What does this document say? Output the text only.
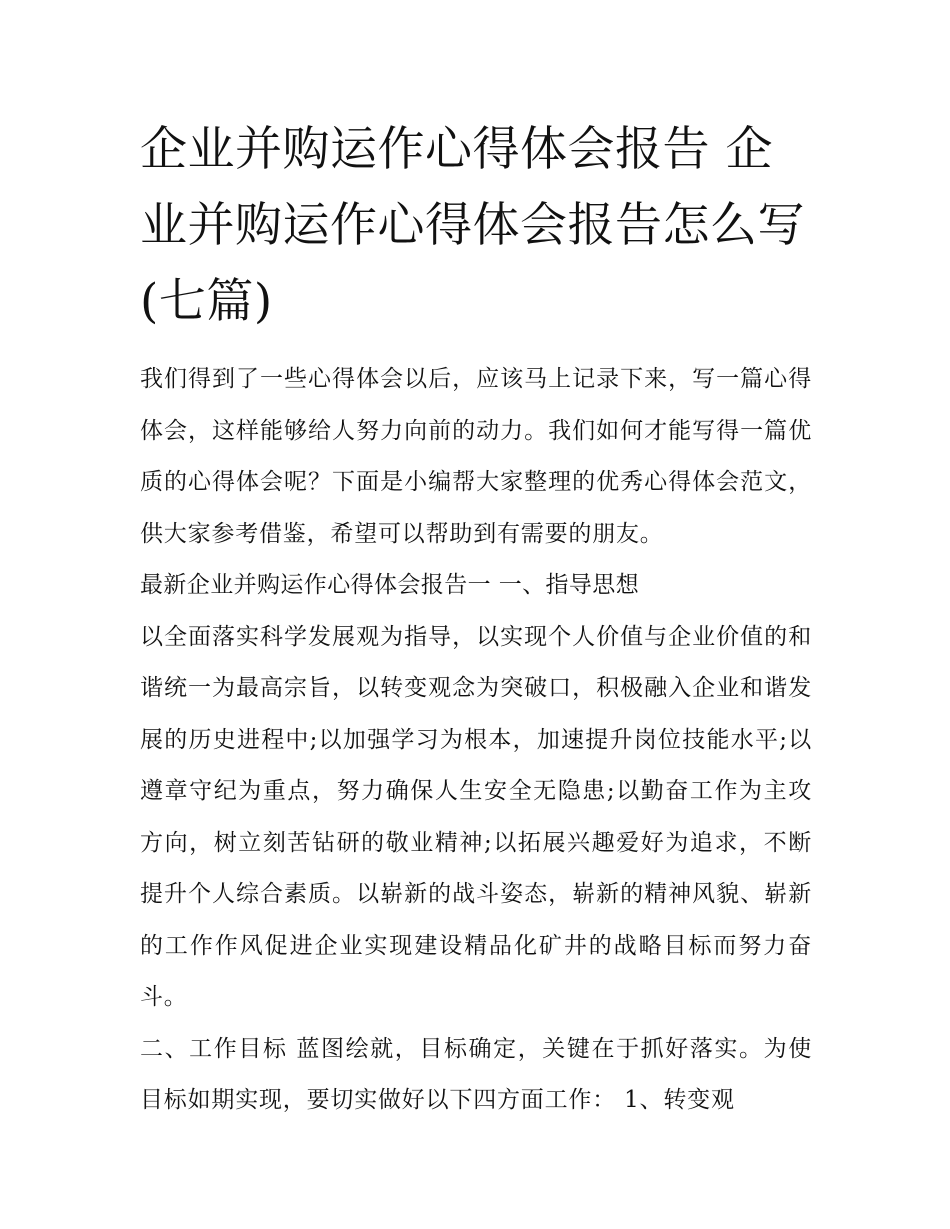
企业并购运作心得体会报告 企业并购运作心得体会报告怎么写(七篇)

我们得到了一些心得体会以后，应该马上记录下来，写一篇心得体会，这样能够给人努力向前的动力。我们如何才能写得一篇优质的心得体会呢？下面是小编帮大家整理的优秀心得体会范文，供大家参考借鉴，希望可以帮助到有需要的朋友。

最新企业并购运作心得体会报告一 一、指导思想

以全面落实科学发展观为指导，以实现个人价值与企业价值的和谐统一为最高宗旨，以转变观念为突破口，积极融入企业和谐发展的历史进程中;以加强学习为根本，加速提升岗位技能水平;以遵章守纪为重点，努力确保人生安全无隐患;以勤奋工作为主攻方向，树立刻苦钻研的敬业精神;以拓展兴趣爱好为追求，不断提升个人综合素质。以崭新的战斗姿态，崭新的精神风貌、崭新的工作作风促进企业实现建设精品化矿井的战略目标而努力奋斗。

二、工作目标 蓝图绘就，目标确定，关键在于抓好落实。为使目标如期实现，要切实做好以下四方面工作： 1、转变观
